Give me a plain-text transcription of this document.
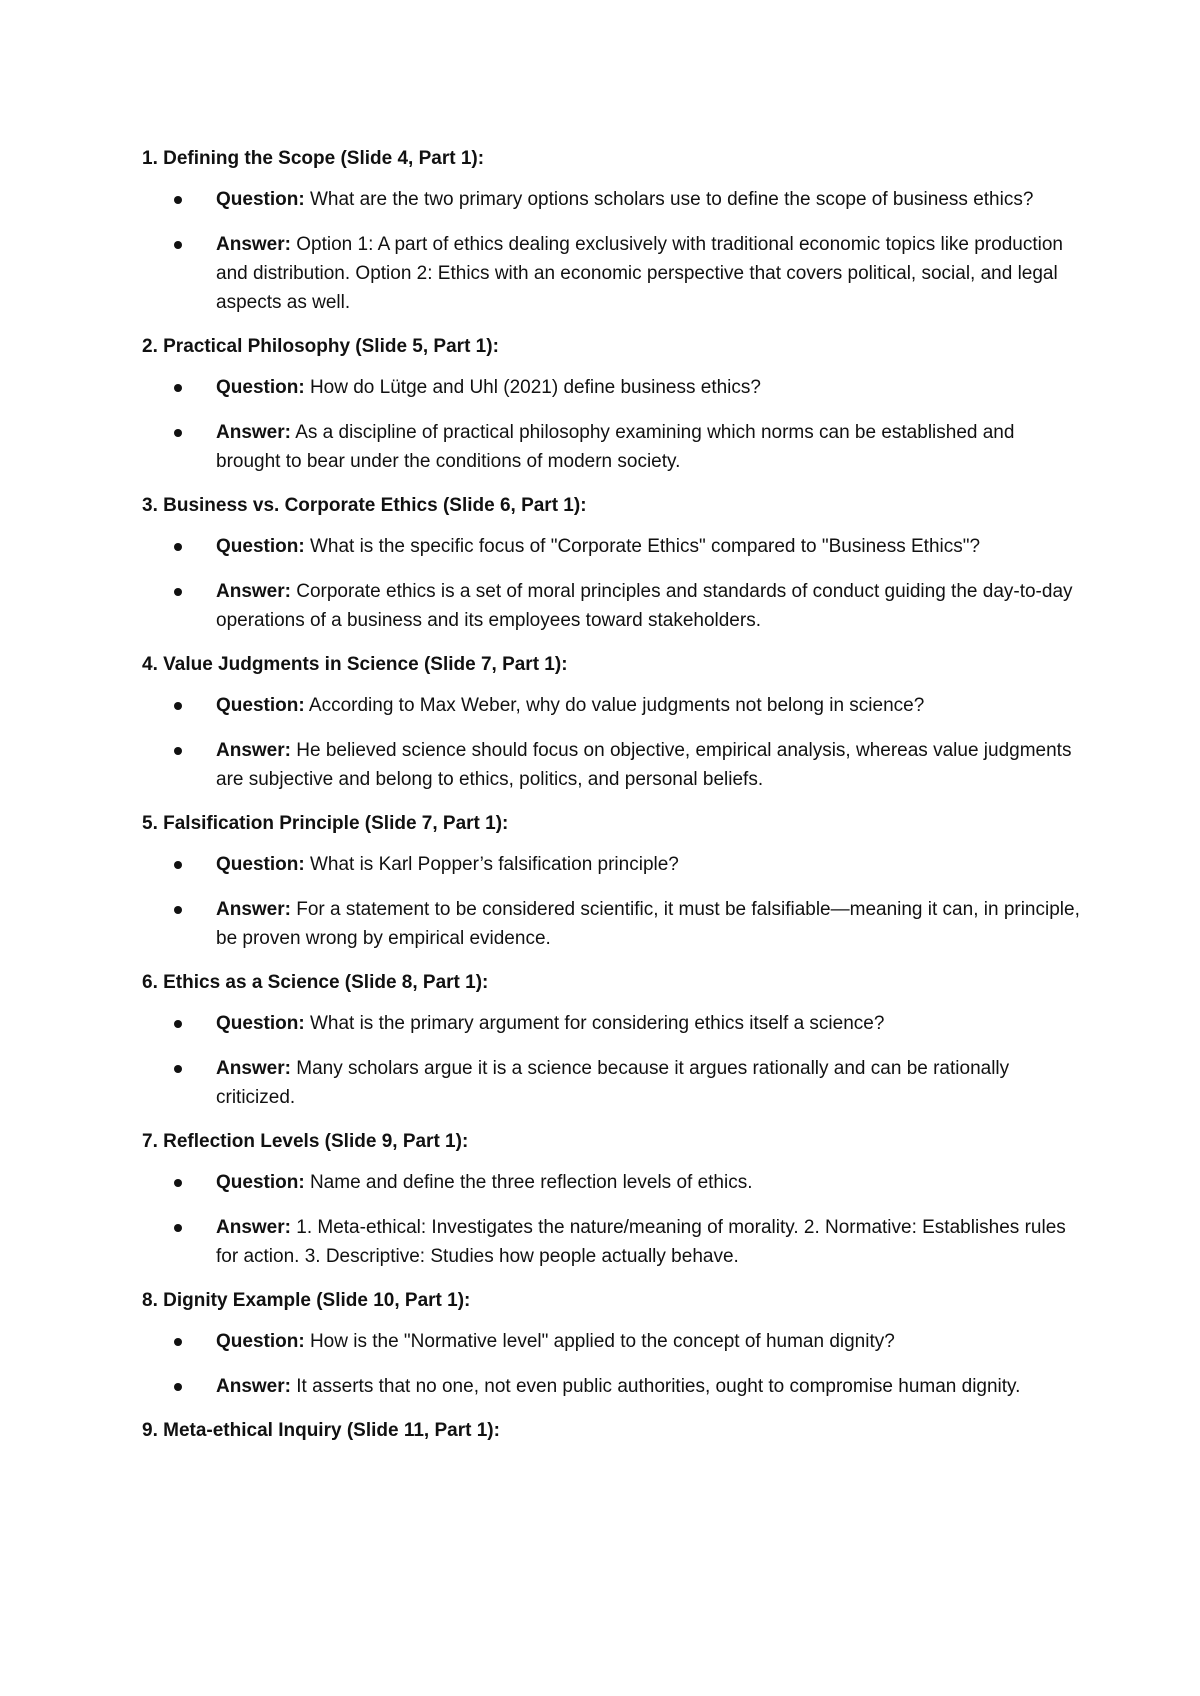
1. Defining the Scope (Slide 4, Part 1):
Question: What are the two primary options scholars use to define the scope of business ethics?
Answer: Option 1: A part of ethics dealing exclusively with traditional economic topics like production and distribution. Option 2: Ethics with an economic perspective that covers political, social, and legal aspects as well.
2. Practical Philosophy (Slide 5, Part 1):
Question: How do Lütge and Uhl (2021) define business ethics?
Answer: As a discipline of practical philosophy examining which norms can be established and brought to bear under the conditions of modern society.
3. Business vs. Corporate Ethics (Slide 6, Part 1):
Question: What is the specific focus of "Corporate Ethics" compared to "Business Ethics"?
Answer: Corporate ethics is a set of moral principles and standards of conduct guiding the day-to-day operations of a business and its employees toward stakeholders.
4. Value Judgments in Science (Slide 7, Part 1):
Question: According to Max Weber, why do value judgments not belong in science?
Answer: He believed science should focus on objective, empirical analysis, whereas value judgments are subjective and belong to ethics, politics, and personal beliefs.
5. Falsification Principle (Slide 7, Part 1):
Question: What is Karl Popper’s falsification principle?
Answer: For a statement to be considered scientific, it must be falsifiable—meaning it can, in principle, be proven wrong by empirical evidence.
6. Ethics as a Science (Slide 8, Part 1):
Question: What is the primary argument for considering ethics itself a science?
Answer: Many scholars argue it is a science because it argues rationally and can be rationally criticized.
7. Reflection Levels (Slide 9, Part 1):
Question: Name and define the three reflection levels of ethics.
Answer: 1. Meta-ethical: Investigates the nature/meaning of morality. 2. Normative: Establishes rules for action. 3. Descriptive: Studies how people actually behave.
8. Dignity Example (Slide 10, Part 1):
Question: How is the "Normative level" applied to the concept of human dignity?
Answer: It asserts that no one, not even public authorities, ought to compromise human dignity.
9. Meta-ethical Inquiry (Slide 11, Part 1):
